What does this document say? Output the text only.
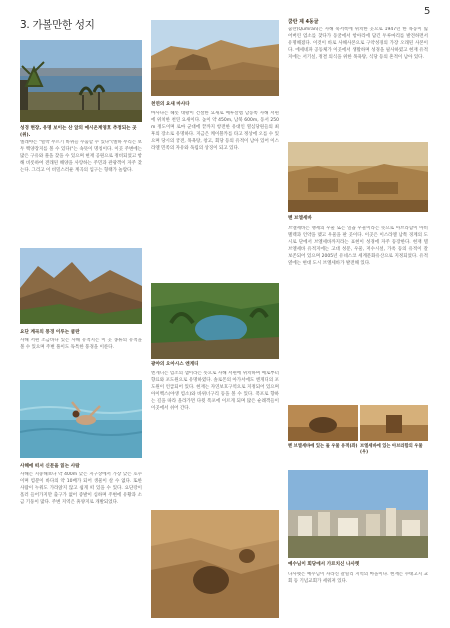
5
3. 가볼만한 성지
성경 현장, 유명 보이는 산 앞의 예시온계영호 추정되는 곳(위).
엘레야는 "빌박 무르기 바위들 수출할 수 있다"(엘하 무리는 보두 백양장지를 볼 수 있다)"는 속뜻이 명칭이다. 이곳 주변에는 많은 구유와 풀을 찾을 수 있으며 현재 공원으로 정비되었고 항해 비롯하여 전래된 해양을 사랑하는 주민과 관광객이 자주 찾는다. 그리고 이 비밀스러운 계곡의 입구는 형태가 놀랍다.
요단 계곡의 풍경 이루는 쿰란
사해 서편 소금바다 있는 사해 유적지는 이 곳 종류의 유적을 볼 수 있으며 주변 풀이도 독특한 풍경을 이룬다.
사해에 떠서 신문을 읽는 사람
사해는 지중해보다 약 400m 낮은 지구상에서 가장 낮은 호수이며 염분이 바다의 약 10배가 되어 생물이 살 수 없다. 또한 사람이 누워도 가라앉지 않고 쉽게 떠 있을 수 있다. 요단강이 흘러 들어가지만 출구가 없어 증발이 심하며 주변에 유황과 소금 기둥이 많다. 주변 지역은 휴양지로 개발되었다.
천연의 요새 마사다
마사다는 헤롯 대왕이 건설한 요새로 예루살렘 남동쪽 사해 서편에 위치한 천연 요새이다. 높이 약 450m, 남북 600m, 동서 250m 정도이며 로마 군대에 끝까지 항전한 유대인 열심당원들의 최후의 장소로 유명하다. 지금은 케이블카를 타고 정상에 오를 수 있으며 당시의 궁전, 목욕탕, 창고, 회당 등의 유적이 남아 있어 이스라엘 민족의 자유와 독립의 상징이 되고 있다.
광야의 오아시스 엔게디
엔게디는 염소의 샘이라는 뜻으로 사해 서편에 위치하며 예로부터 향료와 포도원으로 유명하였다. 솔로몬의 아가서에도 엔게디의 포도원이 언급되어 있다. 현재는 자연보호구역으로 지정되어 있으며 아이벡스(야생 염소)와 바위너구리 등을 볼 수 있다. 폭포로 향하는 길을 따라 올라가면 다윗 폭포에 이르게 되며 많은 순례객들이 이곳에서 쉬어 간다.
쿰란 제 4동굴
쿰란(Qumran)은 사해 북서쪽에 위치한 곳으로 1947년 한 목동이 잃어버린 염소를 찾다가 동굴에서 항아리에 담긴 두루마리를 발견하면서 유명해졌다. 이것이 바로 사해사본으로 구약성경의 가장 오래된 사본이다. 에세네파 공동체가 이곳에서 생활하며 성경을 필사하였고 현재 유적지에는 서기실, 정결 의식을 위한 목욕탕, 식당 등의 흔적이 남아 있다.
벧 브엘세바
브엘세바는 맹세의 우물 또는 일곱 우물이라는 뜻으로 아브라함이 아비멜렉과 언약을 맺고 우물을 판 곳이다. 이곳은 이스라엘 남쪽 경계의 도시로 단에서 브엘세바까지라는 표현이 성경에 자주 등장한다. 현재 텔 브엘세바 유적지에는 고대 성문, 우물, 저수시설, 가옥 등의 유적이 잘 보존되어 있으며 2005년 유네스코 세계문화유산으로 지정되었다. 유적 옆에는 현대 도시 브엘세바가 발전해 있다.
벧 브엘세바에 있는 돌 우물 유적(좌) 브엘세바에 있는 아브라함의 우물(우)
예수님이 회당에서 가르치신 나사렛
나사렛은 예수님이 자라신 갈릴리 지역의 마을이다. 현재는 수태고지 교회 등 기념교회가 세워져 있다.
